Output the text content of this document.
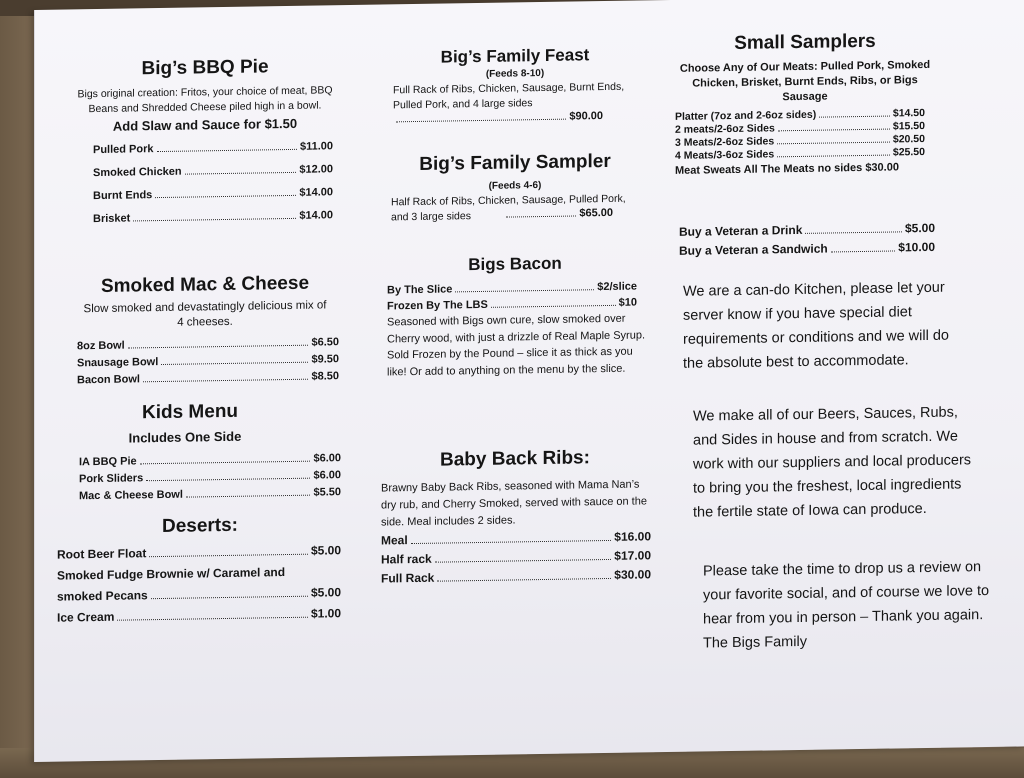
Big’s BBQ Pie
Bigs original creation: Fritos, your choice of meat, BBQ Beans and Shredded Cheese piled high in a bowl.
Add Slaw and Sauce for $1.50
Pulled Pork	$11.00
Smoked Chicken	$12.00
Burnt Ends	$14.00
Brisket	$14.00
Smoked Mac & Cheese
Slow smoked and devastatingly delicious mix of 4 cheeses.
8oz Bowl	$6.50
Snausage Bowl	$9.50
Bacon Bowl	$8.50
Kids Menu
Includes One Side
IA BBQ Pie	$6.00
Pork Sliders	$6.00
Mac & Cheese Bowl	$5.50
Deserts:
Root Beer Float	$5.00
Smoked Fudge Brownie w/ Caramel and
smoked Pecans	$5.00
Ice Cream	$1.00
Big’s Family Feast
(Feeds 8-10)
Full Rack of Ribs, Chicken, Sausage, Burnt Ends, Pulled Pork, and 4 large sides
$90.00
Big’s Family Sampler
(Feeds 4-6)
Half Rack of Ribs, Chicken, Sausage, Pulled Pork, and 3 large sides	$65.00
Bigs Bacon
By The Slice	$2/slice
Frozen By The LBS	$10
Seasoned with Bigs own cure, slow smoked over Cherry wood, with just a drizzle of Real Maple Syrup. Sold Frozen by the Pound – slice it as thick as you like! Or add to anything on the menu by the slice.
Baby Back Ribs:
Brawny Baby Back Ribs, seasoned with Mama Nan’s dry rub, and Cherry Smoked, served with sauce on the side. Meal includes 2 sides.
Meal	$16.00
Half rack	$17.00
Full Rack	$30.00
Small Samplers
Choose Any of Our Meats: Pulled Pork, Smoked Chicken, Brisket, Burnt Ends, Ribs, or Bigs Sausage
Platter (7oz and 2-6oz sides)	$14.50
2 meats/2-6oz Sides	$15.50
3 Meats/2-6oz Sides	$20.50
4 Meats/3-6oz Sides	$25.50
Meat Sweats All The Meats no sides $30.00
Buy a Veteran a Drink	$5.00
Buy a Veteran a Sandwich	$10.00
We are a can-do Kitchen, please let your server know if you have special diet requirements or conditions and we will do the absolute best to accommodate.
We make all of our Beers, Sauces, Rubs, and Sides in house and from scratch. We work with our suppliers and local producers to bring you the freshest, local ingredients the fertile state of Iowa can produce.
Please take the time to drop us a review on your favorite social, and of course we love to hear from you in person – Thank you again. The Bigs Family
